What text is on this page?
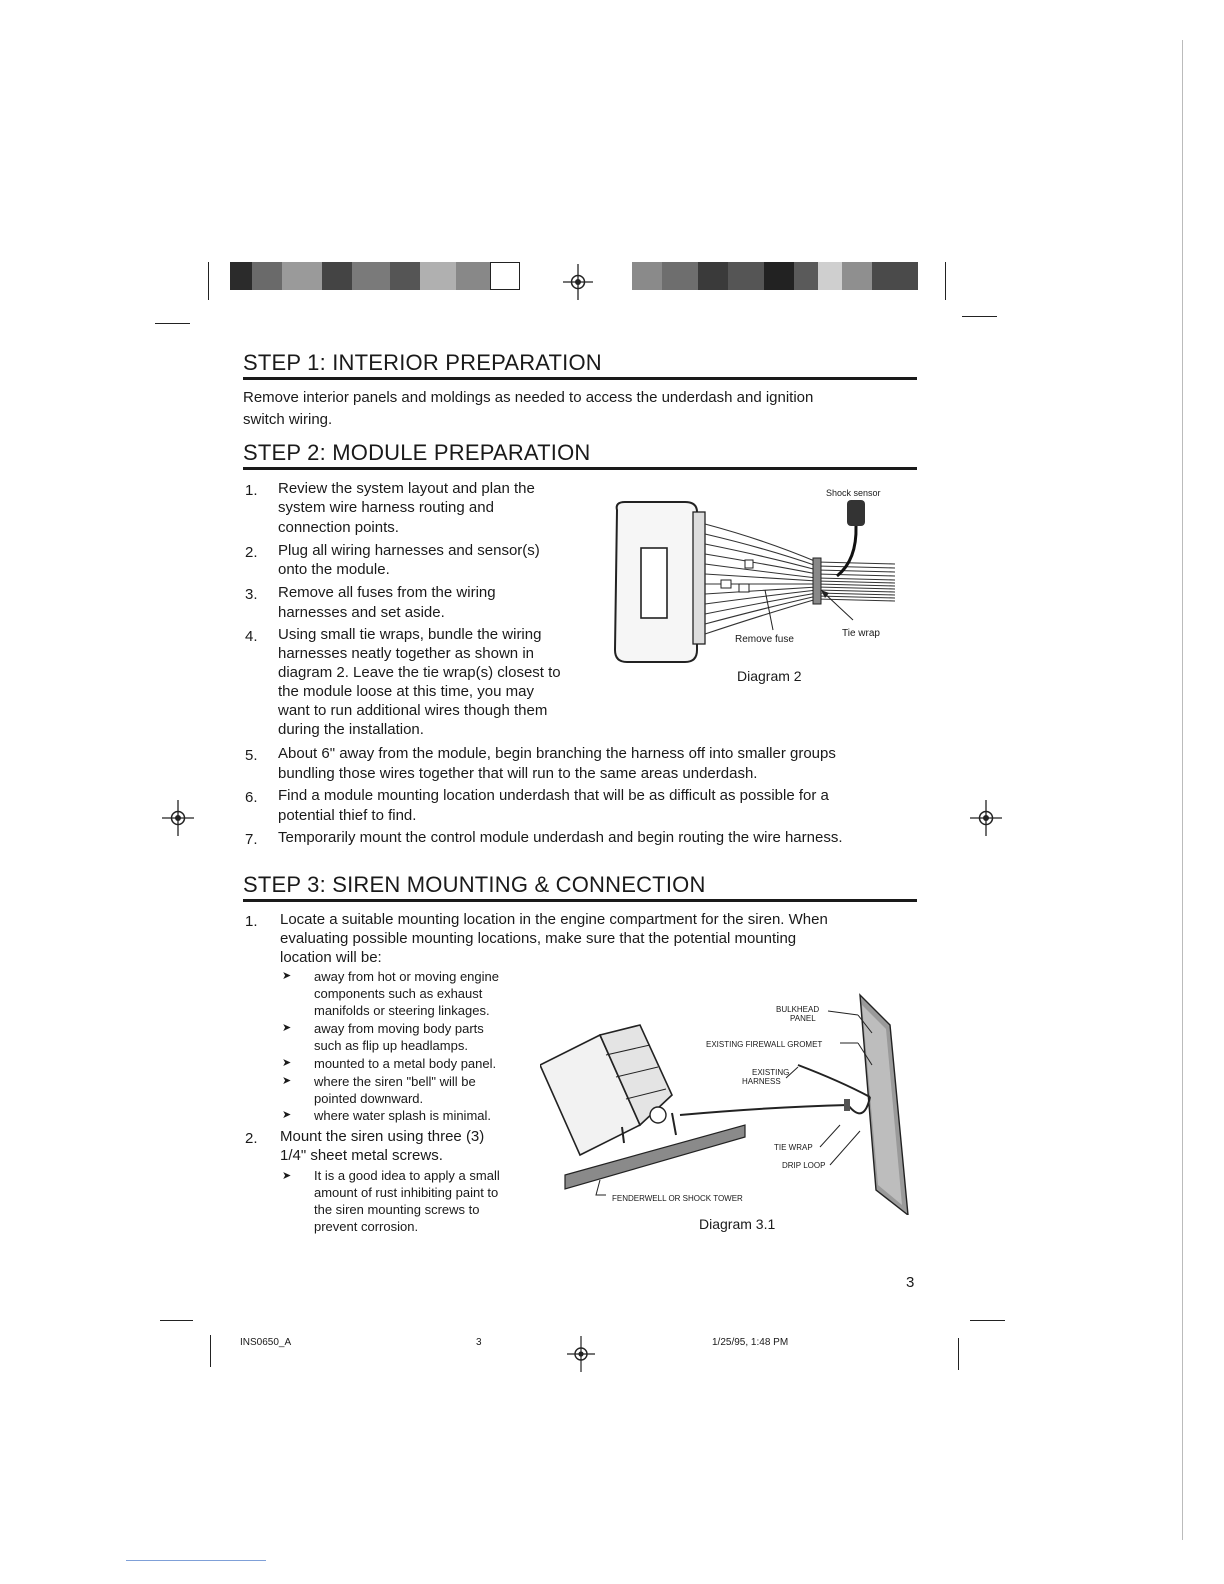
STEP 1: INTERIOR PREPARATION
Remove interior panels and moldings as needed to access the underdash and ignition
switch wiring.
STEP 2: MODULE PREPARATION
1. Review the system layout and plan the
system wire harness routing and
connection points.
2. Plug all wiring harnesses and sensor(s)
onto the module.
3. Remove all fuses from the wiring
harnesses and set aside.
4. Using small tie wraps, bundle the wiring
harnesses neatly together as shown in
diagram 2. Leave the tie wrap(s) closest to
the module loose at this time, you may
want to run additional wires though them
during the installation.
5. About 6" away from the module, begin branching the harness off into smaller groups
bundling those wires together that will run to the same areas underdash.
6. Find a module mounting location underdash that will be as difficult as possible for a
potential thief to find.
7. Temporarily mount the control module underdash and begin routing the wire harness.
Shock sensor
Remove fuse
Tie wrap
Diagram 2
STEP 3: SIREN MOUNTING & CONNECTION
1. Locate a suitable mounting location in the engine compartment for the siren. When
evaluating possible mounting locations, make sure that the potential mounting
location will be:
➤ away from hot or moving engine
components such as exhaust
manifolds or steering linkages.
➤ away from moving body parts
such as flip up headlamps.
➤ mounted to a metal body panel.
➤ where the siren "bell" will be
pointed downward.
➤ where water splash is minimal.
2. Mount the siren using three (3)
1/4" sheet metal screws.
➤ It is a good idea to apply a small
amount of rust inhibiting paint to
the siren mounting screws to
prevent corrosion.
BULKHEAD
PANEL
EXISTING FIREWALL GROMET
EXISTING
HARNESS
TIE WRAP
DRIP LOOP
FENDERWELL OR SHOCK TOWER
Diagram 3.1
3
INS0650_A	3	1/25/95, 1:48 PM
